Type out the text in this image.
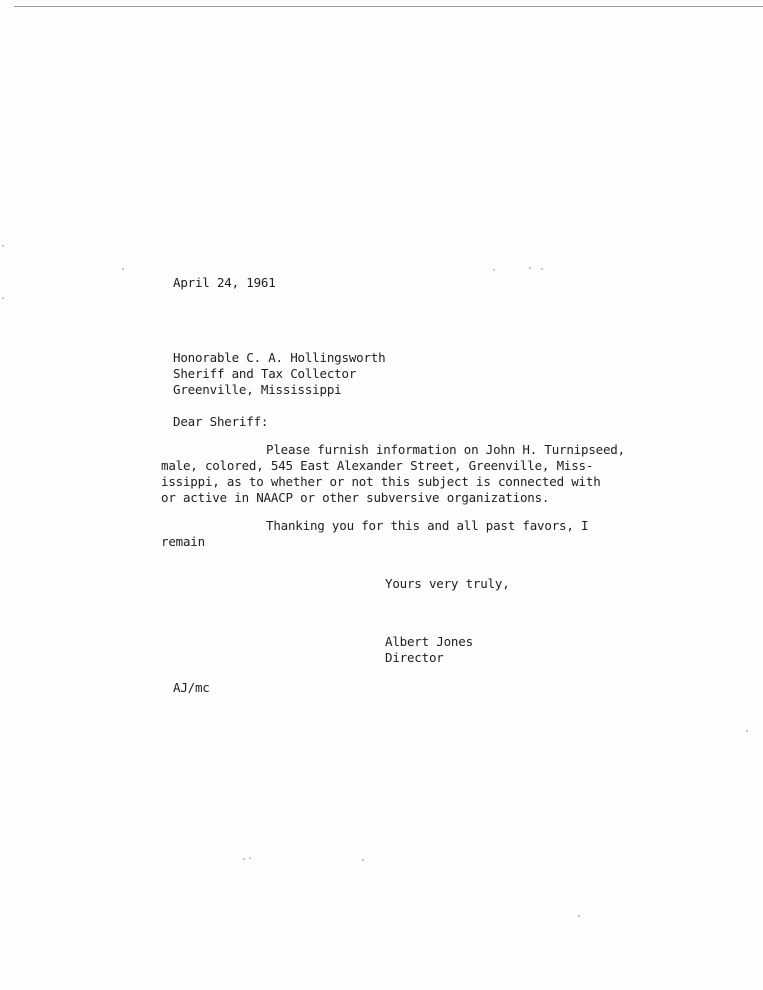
April 24, 1961
Honorable C. A. Hollingsworth
Sheriff and Tax Collector
Greenville, Mississippi
Dear Sheriff:
Please furnish information on John H. Turnipseed,
male, colored, 545 East Alexander Street, Greenville, Miss-
issippi, as to whether or not this subject is connected with
or active in NAACP or other subversive organizations.
Thanking you for this and all past favors, I
remain
Yours very truly,
Albert Jones
Director
AJ/mc
